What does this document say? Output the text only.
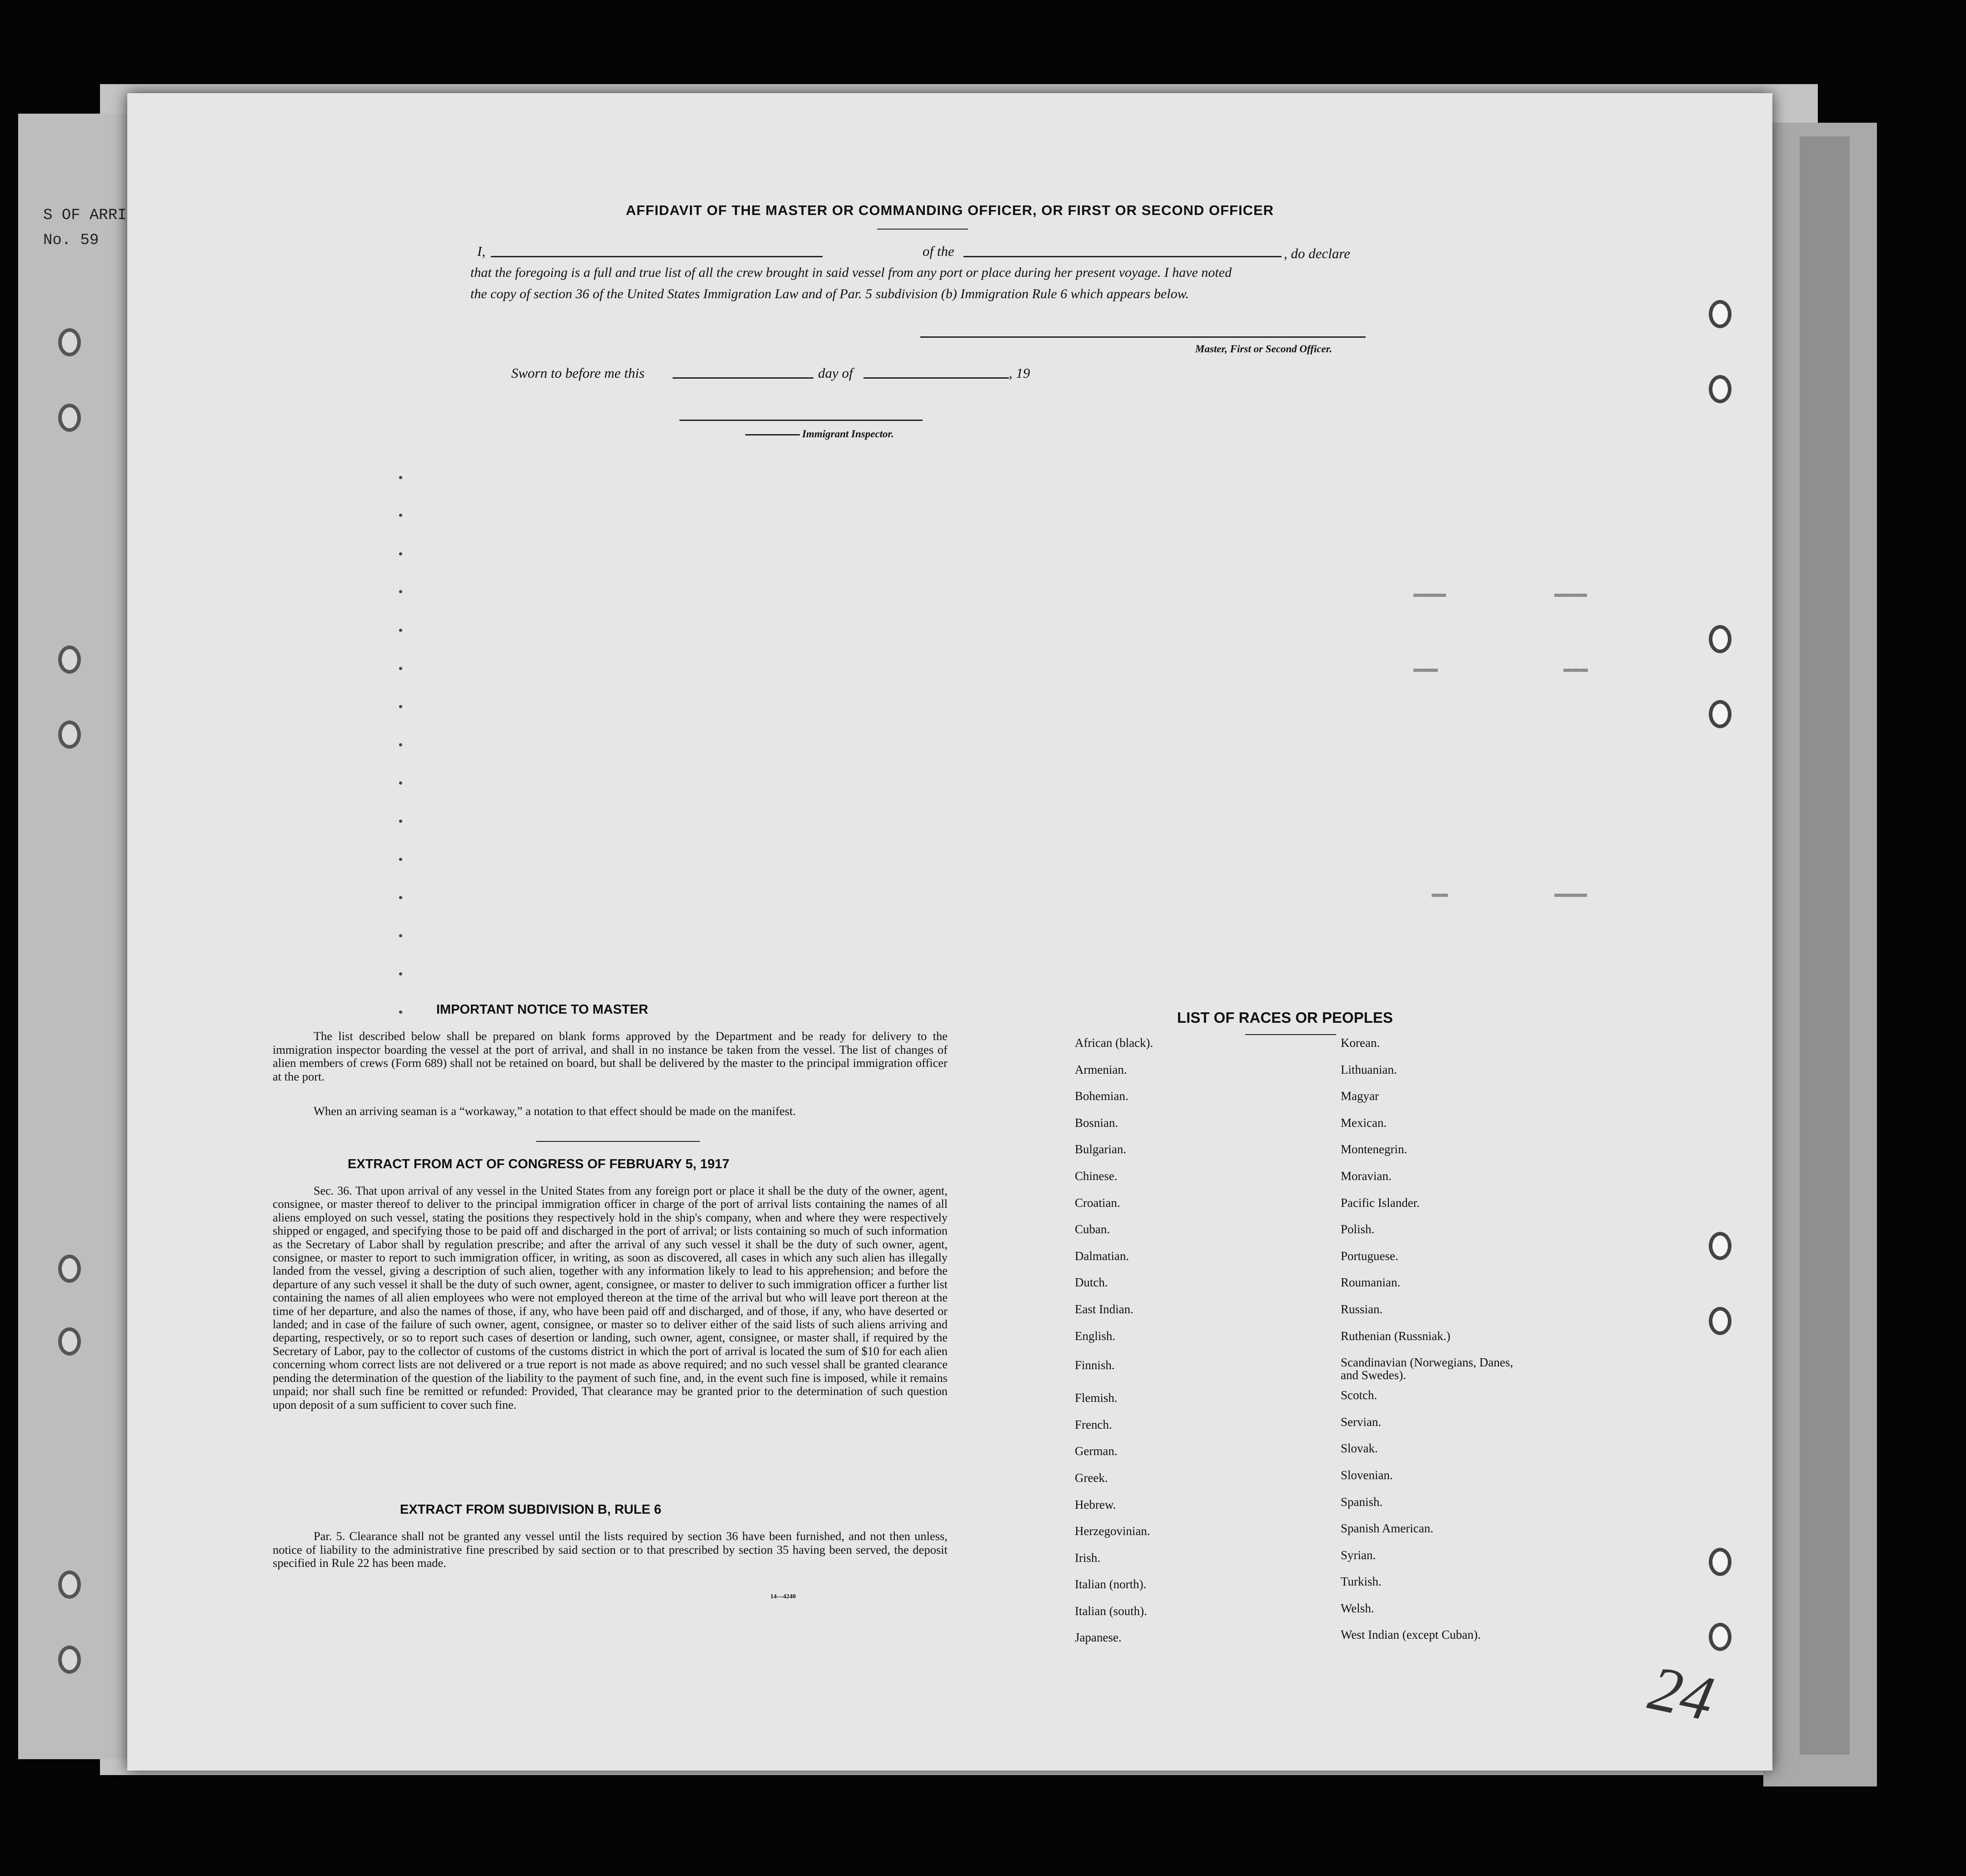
S OF ARRI
No. 59
AFFIDAVIT OF THE MASTER OR COMMANDING OFFICER, OR FIRST OR SECOND OFFICER
I,	of the	, do declare
that the foregoing is a full and true list of all the crew brought in said vessel from any port or place during her present voyage. I have noted
the copy of section 36 of the United States Immigration Law and of Par. 5 subdivision (b) Immigration Rule 6 which appears below.
Master, First or Second Officer.
Sworn to before me this	day of	, 19
Immigrant Inspector.
▬▬▬▬	▬▬▬▬
▬▬▬	▬▬▬
▬▬	▬▬▬▬
IMPORTANT NOTICE TO MASTER
The list described below shall be prepared on blank forms approved by the Department and be ready for delivery to the immigration inspector boarding the vessel at the port of arrival, and shall in no instance be taken from the vessel. The list of changes of alien members of crews (Form 689) shall not be retained on board, but shall be delivered by the master to the principal immigration officer at the port.
When an arriving seaman is a “workaway,” a notation to that effect should be made on the manifest.
EXTRACT FROM ACT OF CONGRESS OF FEBRUARY 5, 1917
Sec. 36. That upon arrival of any vessel in the United States from any foreign port or place it shall be the duty of the owner, agent, consignee, or master thereof to deliver to the principal immigration officer in charge of the port of arrival lists containing the names of all aliens employed on such vessel, stating the positions they respectively hold in the ship's company, when and where they were respectively shipped or engaged, and specifying those to be paid off and discharged in the port of arrival; or lists containing so much of such information as the Secretary of Labor shall by regulation prescribe; and after the arrival of any such vessel it shall be the duty of such owner, agent, consignee, or master to report to such immigration officer, in writing, as soon as discovered, all cases in which any such alien has illegally landed from the vessel, giving a description of such alien, together with any information likely to lead to his apprehension; and before the departure of any such vessel it shall be the duty of such owner, agent, consignee, or master to deliver to such immigration officer a further list containing the names of all alien employees who were not employed thereon at the time of the arrival but who will leave port thereon at the time of her departure, and also the names of those, if any, who have been paid off and discharged, and of those, if any, who have deserted or landed; and in case of the failure of such owner, agent, consignee, or master so to deliver either of the said lists of such aliens arriving and departing, respectively, or so to report such cases of desertion or landing, such owner, agent, consignee, or master shall, if required by the Secretary of Labor, pay to the collector of customs of the customs district in which the port of arrival is located the sum of $10 for each alien concerning whom correct lists are not delivered or a true report is not made as above required; and no such vessel shall be granted clearance pending the determination of the question of the liability to the payment of such fine, and, in the event such fine is imposed, while it remains unpaid; nor shall such fine be remitted or refunded: Provided, That clearance may be granted prior to the determination of such question upon deposit of a sum sufficient to cover such fine.
EXTRACT FROM SUBDIVISION B, RULE 6
Par. 5. Clearance shall not be granted any vessel until the lists required by section 36 have been furnished, and not then unless, notice of liability to the administrative fine prescribed by said section or to that prescribed by section 35 having been served, the deposit specified in Rule 22 has been made.
14—4240
LIST OF RACES OR PEOPLES
African (black).
Armenian.
Bohemian.
Bosnian.
Bulgarian.
Chinese.
Croatian.
Cuban.
Dalmatian.
Dutch.
East Indian.
English.
Finnish.
Flemish.
French.
German.
Greek.
Hebrew.
Herzegovinian.
Irish.
Italian (north).
Italian (south).
Japanese.
Korean.
Lithuanian.
Magyar
Mexican.
Montenegrin.
Moravian.
Pacific Islander.
Polish.
Portuguese.
Roumanian.
Russian.
Ruthenian (Russniak.)
Scandinavian (Norwegians, Danes, and Swedes).
Scotch.
Servian.
Slovak.
Slovenian.
Spanish.
Spanish American.
Syrian.
Turkish.
Welsh.
West Indian (except Cuban).
24
